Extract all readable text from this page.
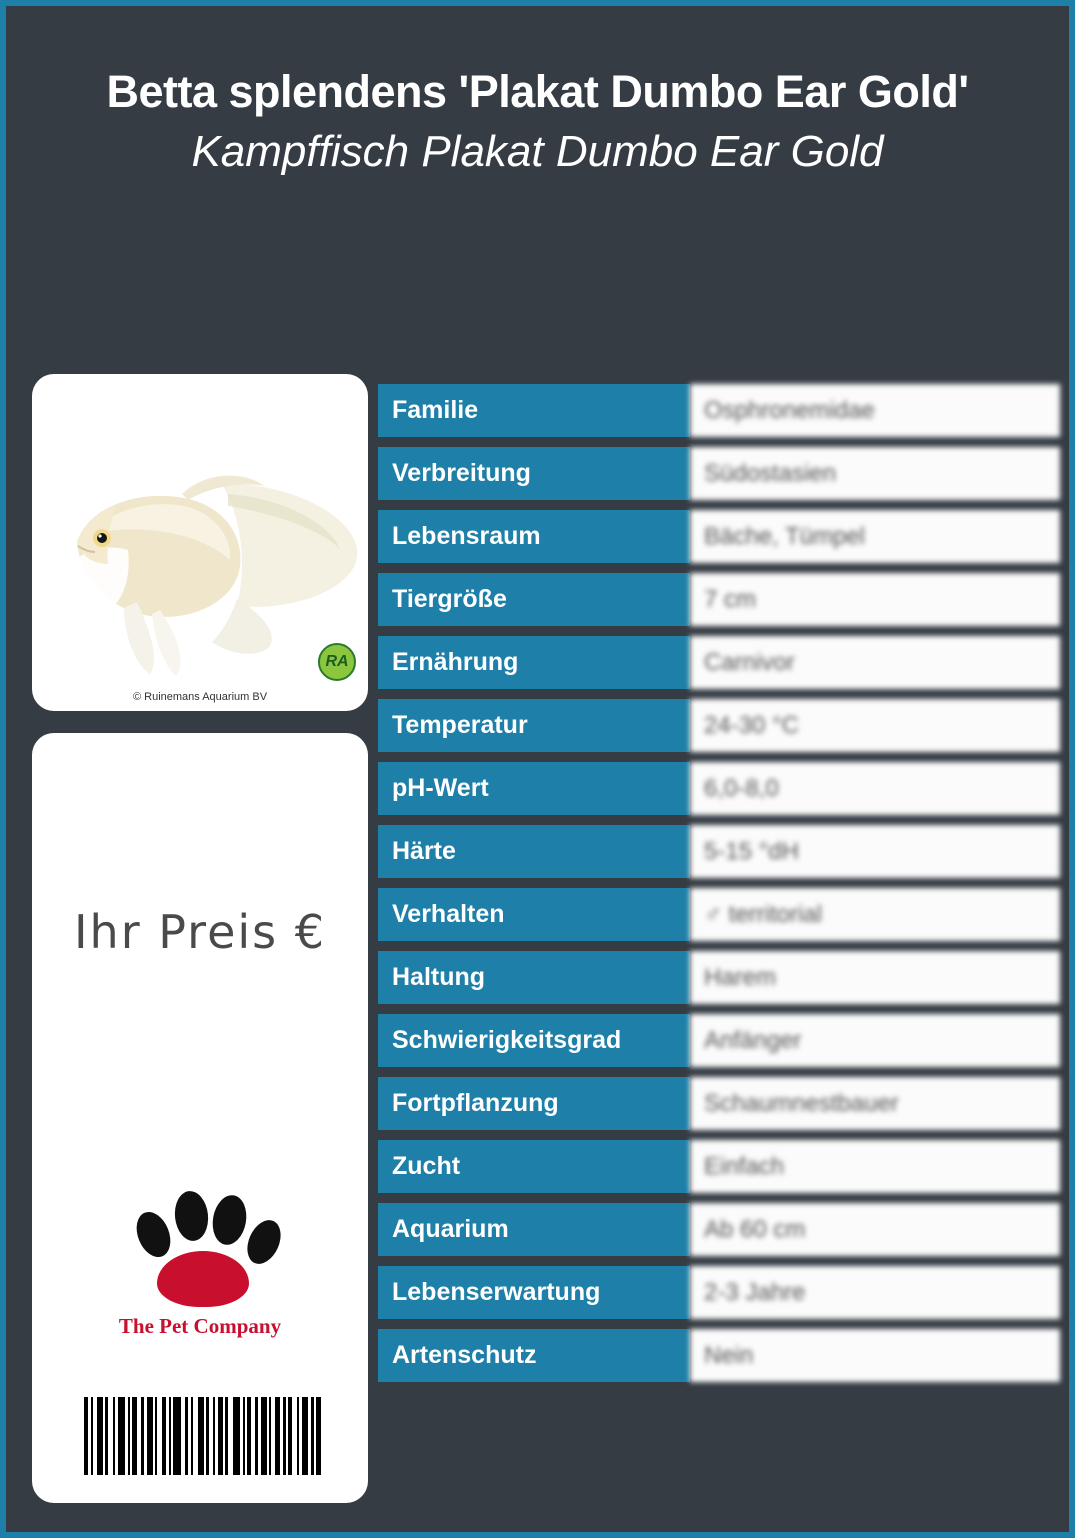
Betta splendens 'Plakat Dumbo Ear Gold'
Kampffisch Plakat Dumbo Ear Gold
RA
© Ruinemans Aquarium BV
Ihr Preis €
The Pet Company
Familie	Osphronemidae
Verbreitung	Südostasien
Lebensraum	Bäche, Tümpel
Tiergröße	7 cm
Ernährung	Carnivor
Temperatur	24-30 °C
pH-Wert	6,0-8,0
Härte	5-15 °dH
Verhalten	♂ territorial
Haltung	Harem
Schwierigkeitsgrad	Anfänger
Fortpflanzung	Schaumnestbauer
Zucht	Einfach
Aquarium	Ab 60 cm
Lebenserwartung	2-3 Jahre
Artenschutz	Nein
